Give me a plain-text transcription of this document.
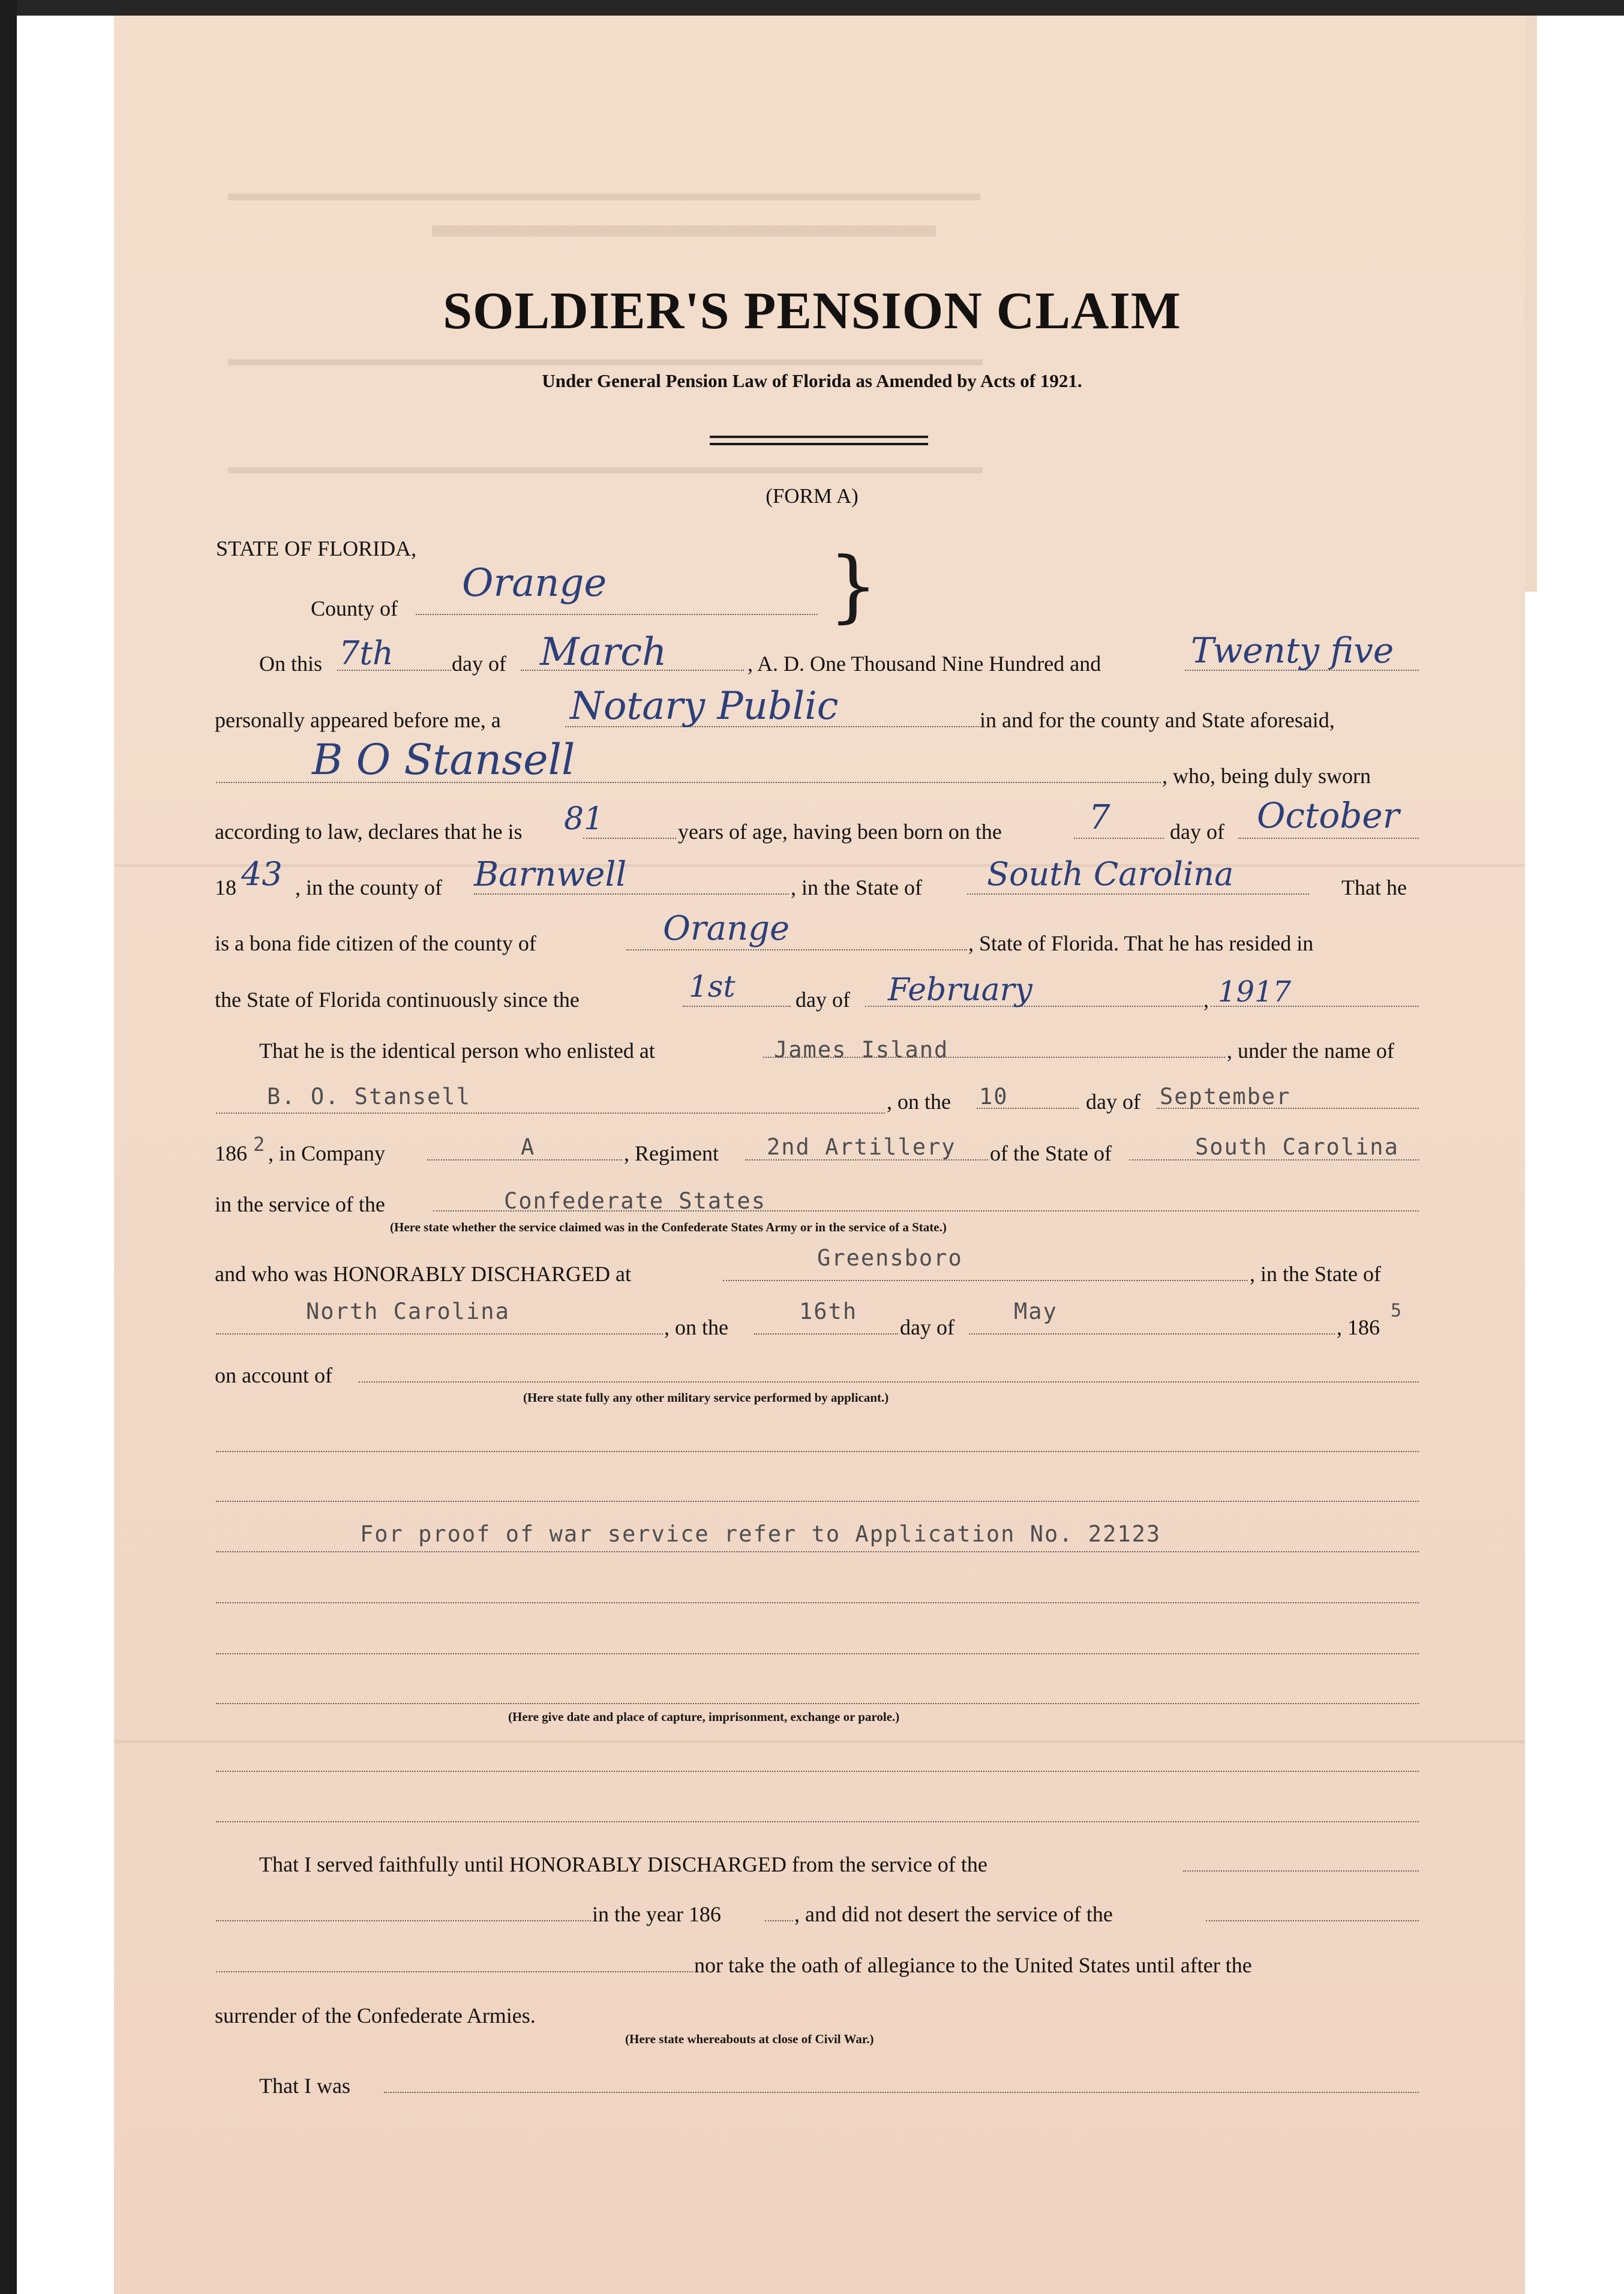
▬▬▬▬▬▬▬▬▬▬▬▬▬▬▬▬▬▬▬▬▬▬▬▬▬▬▬▬▬▬▬▬▬
▬▬▬▬▬▬▬▬▬▬▬▬▬▬
▬▬▬▬▬▬▬▬▬▬▬▬▬▬▬▬▬▬▬▬▬▬▬▬▬▬▬▬▬▬▬▬▬▬▬▬▬
▬▬▬▬▬▬▬▬▬▬▬▬▬▬▬▬▬▬▬▬▬▬▬▬▬▬▬▬▬▬▬▬▬▬▬▬▬
SOLDIER'S PENSION CLAIM
Under General Pension Law of Florida as Amended by Acts of 1921.
(FORM A)
STATE OF FLORIDA,
County of
Orange	}
On this 7th	day of March	, A. D. One Thousand Nine Hundred and	Twenty five
personally appeared before me, a Notary Public	in and for the county and State aforesaid,
B O Stansell	, who, being duly sworn
according to law, declares that he is 81	years of age, having been born on the	7	day of October
18 43 , in the county of Barnwell	, in the State of South Carolina	That he
is a bona fide citizen of the county of	Orange	, State of Florida. That he has resided in
the State of Florida continuously since the	1st	day of February	, 1917
That he is the identical person who enlisted at	James Island	, under the name of
B. O. Stansell	, on the 10	day of September
186 2 , in Company	A	, Regiment 2nd Artillery of the State of	South Carolina
in the service of the	Confederate States
(Here state whether the service claimed was in the Confederate States Army or in the service of a State.)
and who was HONORABLY DISCHARGED at
Greensboro
, in the State of
North Carolina
, on the
16th
day of
May
, 186
5
on account of
(Here state fully any other military service performed by applicant.)
For proof of war service refer to Application No. 22123
(Here give date and place of capture, imprisonment, exchange or parole.)
That I served faithfully until HONORABLY DISCHARGED from the service of the
in the year 186	, and did not desert the service of the
nor take the oath of allegiance to the United States until after the
surrender of the Confederate Armies.
(Here state whereabouts at close of Civil War.)
That I was
